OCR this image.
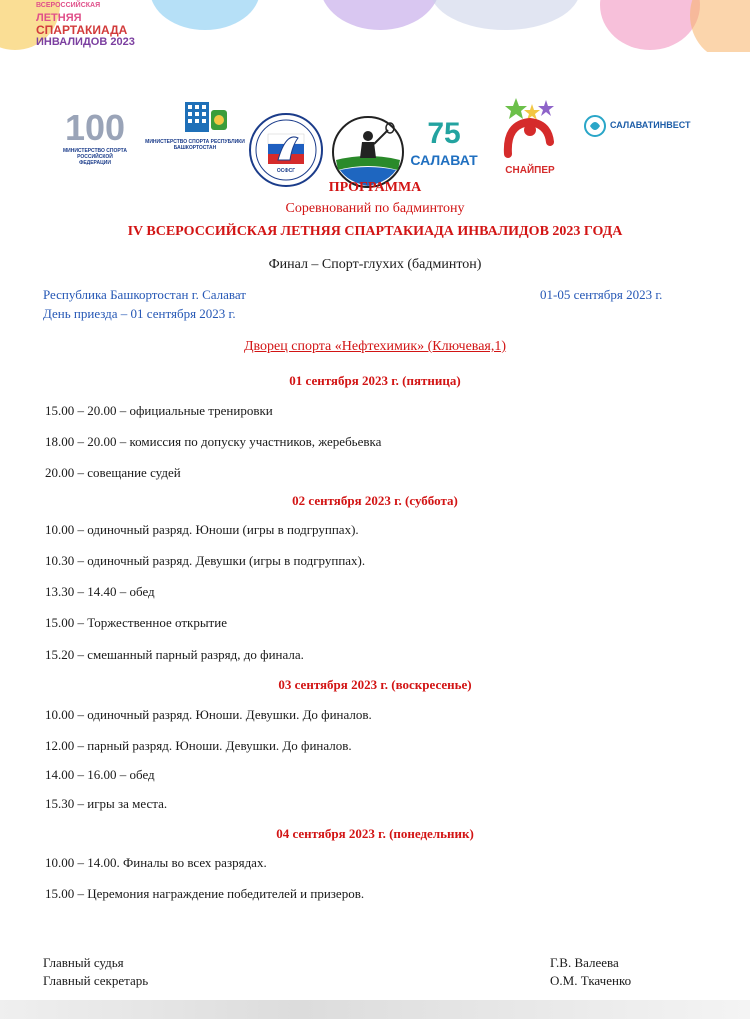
ВСЕРОССИЙСКАЯ
ЛЕТНЯЯ
СПАРТАКИАДА
ИНВАЛИДОВ 2023
100
МИНИСТЕРСТВО СПОРТА РОССИЙСКОЙ ФЕДЕРАЦИИ
МИНИСТЕРСТВО СПОРТА РЕСПУБЛИКИ БАШКОРТОСТАН
ОСФСГ
75
САЛАВАТ
СНАЙПЕР
САЛАВАТИНВЕСТ
ПРОГРАММА
Соревнований по бадминтону
IV ВСЕРОССИЙСКАЯ ЛЕТНЯЯ СПАРТАКИАДА ИНВАЛИДОВ 2023 ГОДА
Финал – Спорт-глухих (бадминтон)
Республика Башкортостан г. Салават	01-05 сентября 2023 г.
День приезда – 01 сентября 2023 г.
Дворец спорта «Нефтехимик» (Ключевая,1)
01 сентября 2023 г. (пятница)
15.00 – 20.00 – официальные тренировки
18.00 – 20.00 – комиссия по допуску участников, жеребьевка
20.00 – совещание судей
02 сентября 2023 г. (суббота)
10.00 – одиночный разряд. Юноши (игры в подгруппах).
10.30 – одиночный разряд. Девушки (игры в подгруппах).
13.30 – 14.40 – обед
15.00 – Торжественное открытие
15.20 – смешанный парный разряд, до финала.
03 сентября 2023 г. (воскресенье)
10.00 – одиночный разряд. Юноши. Девушки. До финалов.
12.00 – парный разряд. Юноши. Девушки. До финалов.
14.00 – 16.00 – обед
15.30 – игры за места.
04 сентября 2023 г. (понедельник)
10.00 – 14.00. Финалы во всех разрядах.
15.00 – Церемония награждение победителей и призеров.
Главный судья	Г.В. Валеева
Главный секретарь	О.М. Ткаченко
